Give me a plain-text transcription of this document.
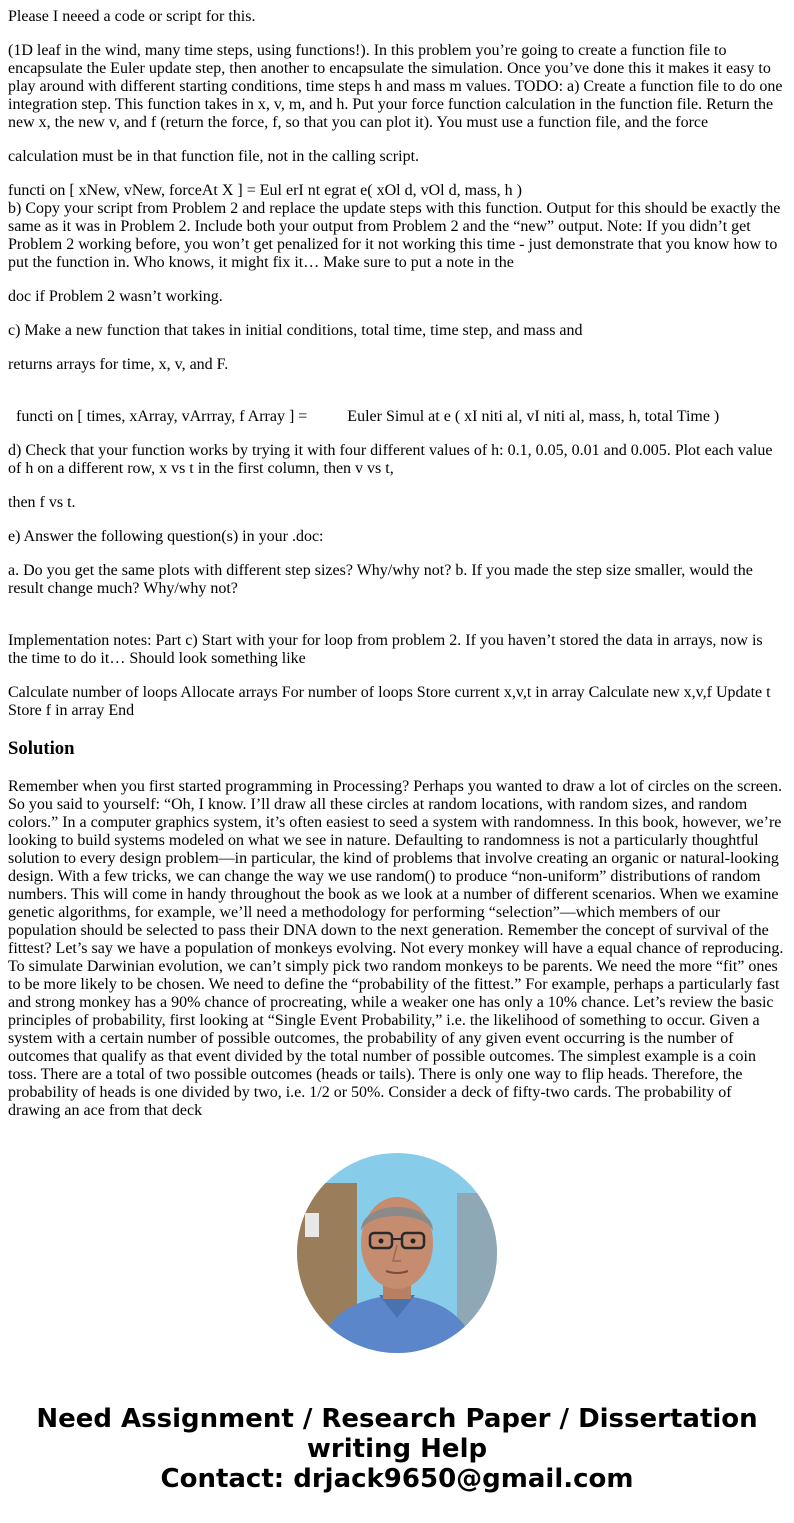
Please I neeed a code or script for this.

(1D leaf in the wind, many time steps, using functions!). In this problem you’re going to create a function file to encapsulate the Euler update step, then another to encapsulate the simulation. Once you’ve done this it makes it easy to play around with different starting conditions, time steps h and mass m values. TODO: a) Create a function file to do one integration step. This function takes in x, v, m, and h. Put your force function calculation in the function file. Return the new x, the new v, and f (return the force, f, so that you can plot it). You must use a function file, and the force

calculation must be in that function file, not in the calling script.

functi on [ xNew, vNew, forceAt X ] = Eul erI nt egrat e( xOl d, vOl d, mass, h )

b) Copy your script from Problem 2 and replace the update steps with this function. Output for this should be exactly the same as it was in Problem 2. Include both your output from Problem 2 and the “new” output. Note: If you didn’t get Problem 2 working before, you won’t get penalized for it not working this time - just demonstrate that you know how to put the function in. Who knows, it might fix it… Make sure to put a note in the

doc if Problem 2 wasn’t working.

c) Make a new function that takes in initial conditions, total time, time step, and mass and

returns arrays for time, x, v, and F.

functi on [ times, xArray, vArrray, f Array ] =          Euler Simul at e ( xI niti al, vI niti al, mass, h, total Time )

d) Check that your function works by trying it with four different values of h: 0.1, 0.05, 0.01 and 0.005. Plot each value of h on a different row, x vs t in the first column, then v vs t,

then f vs t.

e) Answer the following question(s) in your .doc:

a. Do you get the same plots with different step sizes? Why/why not? b. If you made the step size smaller, would the result change much? Why/why not?

Implementation notes: Part c) Start with your for loop from problem 2. If you haven’t stored the data in arrays, now is the time to do it… Should look something like

Calculate number of loops Allocate arrays For number of loops Store current x,v,t in array Calculate new x,v,f Update t Store f in array End

Solution

Remember when you first started programming in Processing? Perhaps you wanted to draw a lot of circles on the screen. So you said to yourself: “Oh, I know. I’ll draw all these circles at random locations, with random sizes, and random colors.” In a computer graphics system, it’s often easiest to seed a system with randomness. In this book, however, we’re looking to build systems modeled on what we see in nature. Defaulting to randomness is not a particularly thoughtful solution to every design problem—in particular, the kind of problems that involve creating an organic or natural-looking design. With a few tricks, we can change the way we use random() to produce “non-uniform” distributions of random numbers. This will come in handy throughout the book as we look at a number of different scenarios. When we examine genetic algorithms, for example, we’ll need a methodology for performing “selection”—which members of our population should be selected to pass their DNA down to the next generation. Remember the concept of survival of the fittest? Let’s say we have a population of monkeys evolving. Not every monkey will have a equal chance of reproducing. To simulate Darwinian evolution, we can’t simply pick two random monkeys to be parents. We need the more “fit” ones to be more likely to be chosen. We need to define the “probability of the fittest.” For example, perhaps a particularly fast and strong monkey has a 90% chance of procreating, while a weaker one has only a 10% chance. Let’s review the basic principles of probability, first looking at “Single Event Probability,” i.e. the likelihood of something to occur. Given a system with a certain number of possible outcomes, the probability of any given event occurring is the number of outcomes that qualify as that event divided by the total number of possible outcomes. The simplest example is a coin toss. There are a total of two possible outcomes (heads or tails). There is only one way to flip heads. Therefore, the probability of heads is one divided by two, i.e. 1/2 or 50%. Consider a deck of fifty-two cards. The probability of drawing an ace from that deck

Need Assignment / Research Paper / Dissertation
writing Help
Contact: drjack9650@gmail.com
